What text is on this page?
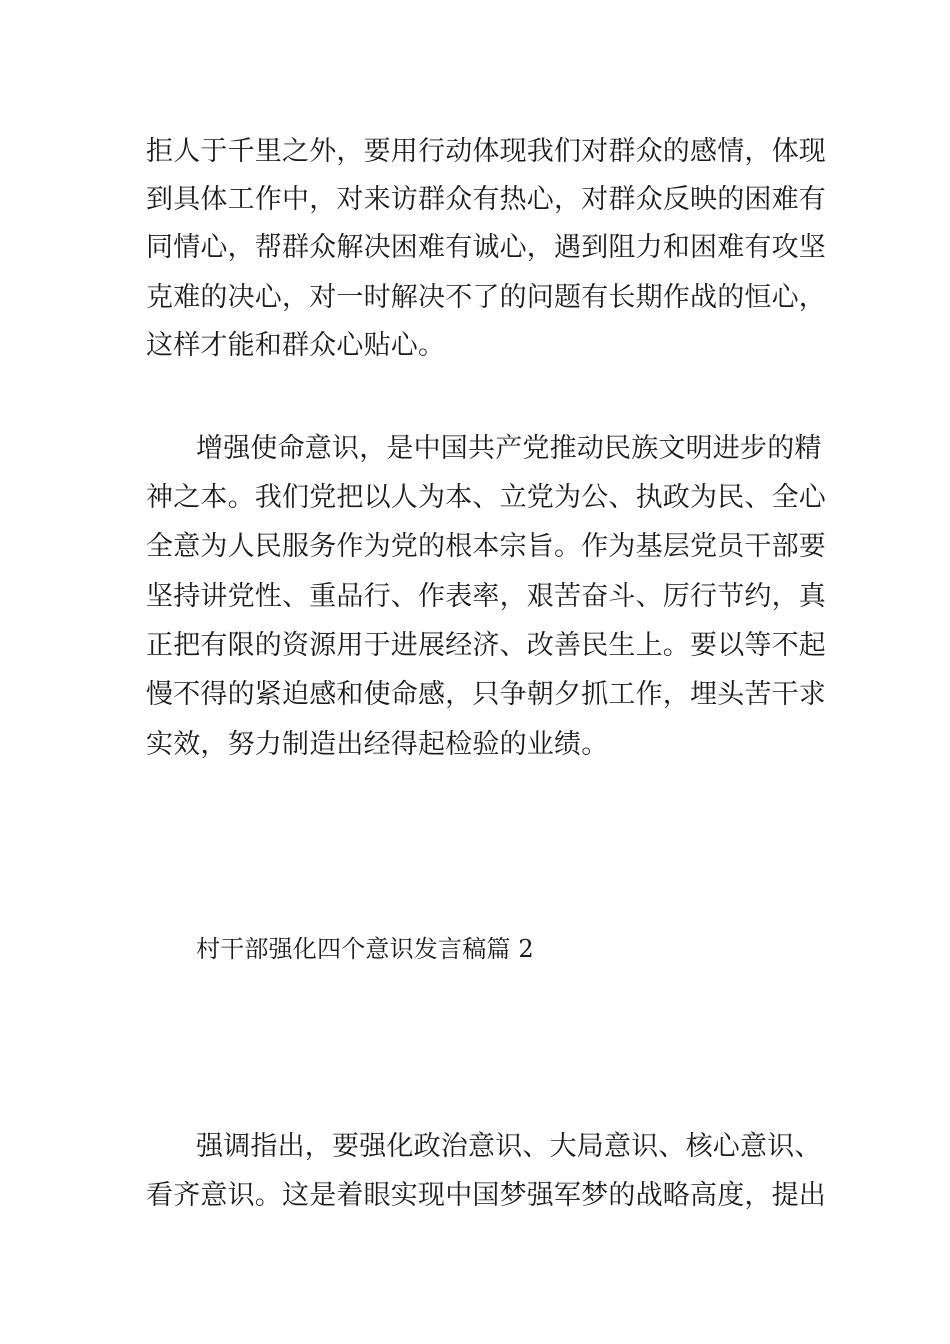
拒人于千里之外，要用行动体现我们对群众的感情，体现
到具体工作中，对来访群众有热心，对群众反映的困难有
同情心，帮群众解决困难有诚心，遇到阻力和困难有攻坚
克难的决心，对一时解决不了的问题有长期作战的恒心，
这样才能和群众心贴心。
增强使命意识，是中国共产党推动民族文明进步的精
神之本。我们党把以人为本、立党为公、执政为民、全心
全意为人民服务作为党的根本宗旨。作为基层党员干部要
坚持讲党性、重品行、作表率，艰苦奋斗、厉行节约，真
正把有限的资源用于进展经济、改善民生上。要以等不起
慢不得的紧迫感和使命感，只争朝夕抓工作，埋头苦干求
实效，努力制造出经得起检验的业绩。
村干部强化四个意识发言稿篇 2
强调指出，要强化政治意识、大局意识、核心意识、
看齐意识。这是着眼实现中国梦强军梦的战略高度，提出
